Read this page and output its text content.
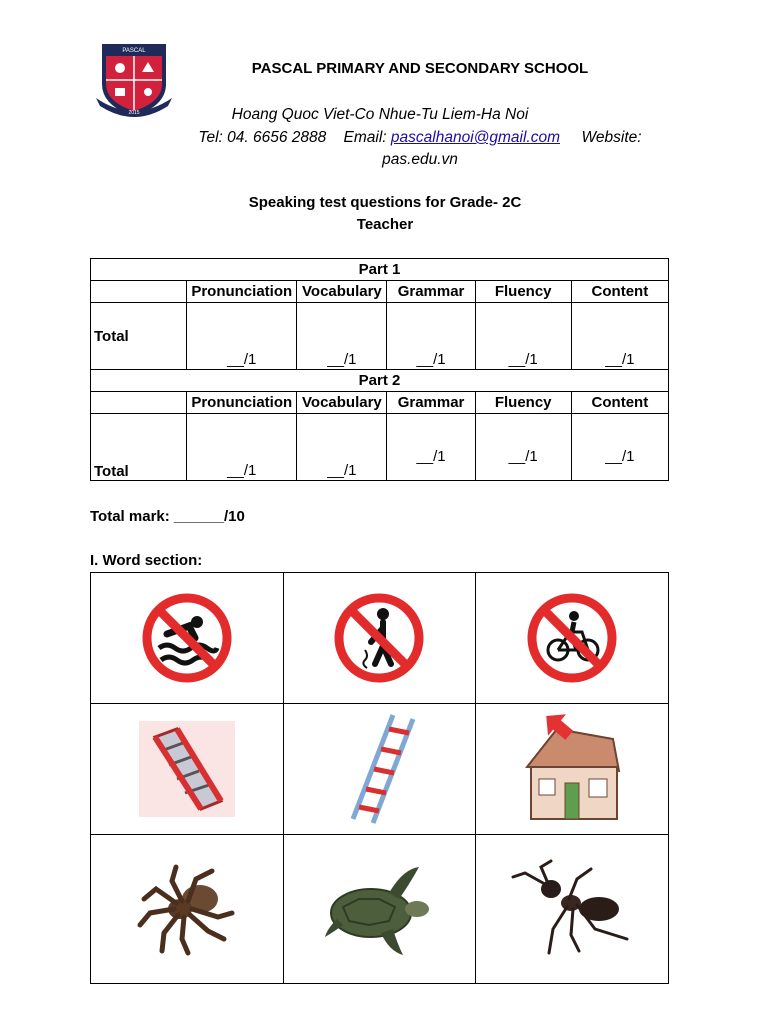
PASCAL
2015
PASCAL PRIMARY AND SECONDARY SCHOOL
Hoang Quoc Viet-Co Nhue-Tu Liem-Ha Noi
Tel: 04. 6656 2888 Email: pascalhanoi@gmail.com Website:
pas.edu.vn
Speaking test questions for Grade- 2C
Teacher
Part 1					
	Pronunciation	Vocabulary	Grammar	Fluency	Content
Total	__/1	__/1	__/1	__/1	__/1
Part 2					
	Pronunciation	Vocabulary	Grammar	Fluency	Content
Total	__/1	__/1	__/1	__/1	__/1
Total mark: ______/10
I. Word section:
